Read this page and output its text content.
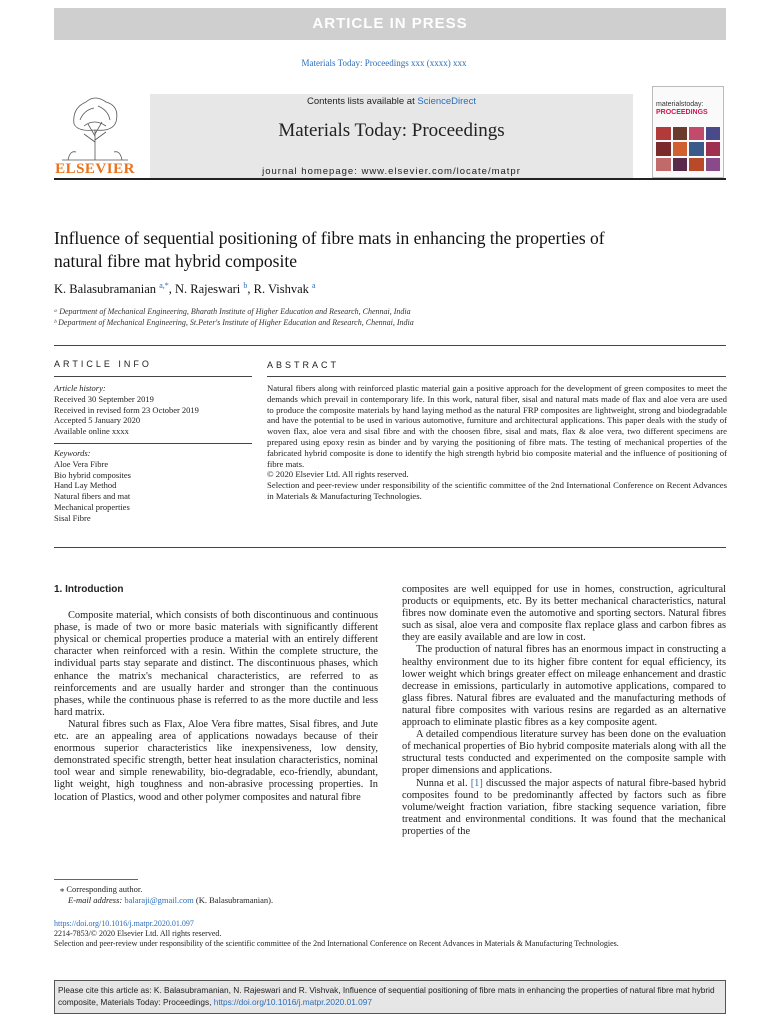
ARTICLE IN PRESS
Materials Today: Proceedings xxx (xxxx) xxx
ELSEVIER
Contents lists available at ScienceDirect
Materials Today: Proceedings
journal homepage: www.elsevier.com/locate/matpr
materialstoday:
PROCEEDINGS
Influence of sequential positioning of fibre mats in enhancing the properties of natural fibre mat hybrid composite
K. Balasubramanian $^{a,*}$, N. Rajeswari $^b$, R. Vishvak $^a$
ᵃ Department of Mechanical Engineering, Bharath Institute of Higher Education and Research, Chennai, India
ᵇ Department of Mechanical Engineering, St.Peter's Institute of Higher Education and Research, Chennai, India
ARTICLE INFO	ABSTRACT
Article history:
Received 30 September 2019
Received in revised form 23 October 2019
Accepted 5 January 2020
Available online xxxx
Keywords:
Aloe Vera Fibre
Bio hybrid composites
Hand Lay Method
Natural fibers and mat
Mechanical properties
Sisal Fibre

Natural fibers along with reinforced plastic material gain a positive approach for the development of green composites to meet the demands which prevail in contemporary life. In this work, natural fiber, sisal and natural mats made of flax and aloe vera are used to produce the composite materials by hand laying method as the natural FRP composites are lightweight, strong and biodegradable and have the potential to be used in various automotive, furniture and architectural applications. This paper deals with the study of woven flax, aloe vera and sisal fibre and with the choosen fibre, sisal and mats, flax & aloe vera, two different specimens are prepared using epoxy resin as binder and by varying the positioning of fibre mats. The testing of mechanical properties of the fabricated hybrid composite is done to identify the high strength hybrid bio composite material and the influence of positioning of fibre mats.

© 2020 Elsevier Ltd. All rights reserved.

Selection and peer-review under responsibility of the scientific committee of the 2nd International Conference on Recent Advances in Materials & Manufacturing Technologies.

1. Introduction

Composite material, which consists of both discontinuous and continuous phase, is made of two or more basic materials with significantly different physical or chemical properties produce a material with an entirely different character when reinforced with a resin. Within the complete structure, the individual parts stay separate and distinct. The discontinuous phases, which enhance the matrix's mechanical characteristics, are referred to as reinforcements and are usually harder and stronger than the continuous phases, while the continuous phase is referred to as the more ductile and less hard matrix.

Natural fibres such as Flax, Aloe Vera fibre mattes, Sisal fibres, and Jute etc. are an appealing area of applications nowadays because of their enormous superior characteristics like inexpensiveness, low density, demonstrated specific strength, better heat insulation characteristics, nominal tool wear and simple renewability, bio-degradable, eco-friendly, abundant, light weight, high toughness and non-abrasive processing properties. In location of Plastics, wood and other polymer composites and natural fibre

composites are well equipped for use in homes, construction, agricultural products or equipments, etc. By its better mechanical characteristics, natural fibres now dominate even the automotive and sporting sectors. Natural fibres such as sisal, aloe vera and composite flax replace glass and carbon fibres as they are easily available and are low in cost.

The production of natural fibres has an enormous impact in constructing a healthy environment due to its higher fibre content for equal efficiency, its lower weight which brings greater effect on mileage enhancement and drastic decrease in emissions, particularly in automotive applications, compared to glass fibres. Natural fibres are evaluated and the manufacturing methods of natural fibre composites with various resins are regarded as an alternative approach to eliminate plastic fibres as a key composite agent.

A detailed compendious literature survey has been done on the evaluation of mechanical properties of Bio hybrid composite materials along with all the structural tests conducted and experimented on the composite sample with proper dimensions and applications.

Nunna et al. [1] discussed the major aspects of natural fibre-based hybrid composites found to be predominantly affected by factors such as fibre volume/weight fraction variation, fibre stacking sequence variation, fibre treatment and environmental conditions. It was found that the mechanical properties of the

⁎ Corresponding author.
E-mail address: balaraji@gmail.com (K. Balasubramanian).
https://doi.org/10.1016/j.matpr.2020.01.097
2214-7853/© 2020 Elsevier Ltd. All rights reserved.
Selection and peer-review under responsibility of the scientific committee of the 2nd International Conference on Recent Advances in Materials & Manufacturing Technologies.
Please cite this article as: K. Balasubramanian, N. Rajeswari and R. Vishvak, Influence of sequential positioning of fibre mats in enhancing the properties of natural fibre mat hybrid composite, Materials Today: Proceedings, https://doi.org/10.1016/j.matpr.2020.01.097
